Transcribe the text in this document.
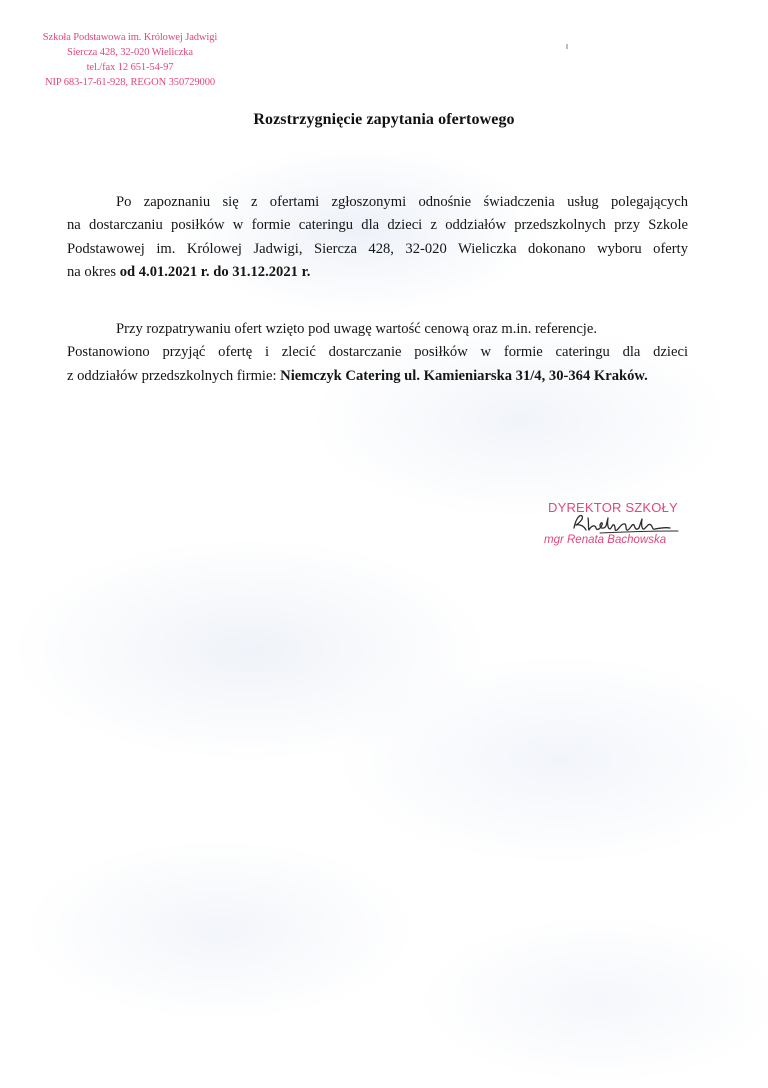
Szkoła Podstawowa im. Królowej Jadwigi
Siercza 428, 32-020 Wieliczka
tel./fax 12 651-54-97
NIP 683-17-61-928, REGON 350729000
Rozstrzygnięcie zapytania ofertowego
Po zapoznaniu się z ofertami zgłoszonymi odnośnie świadczenia usług polegających
na dostarczaniu posiłków w formie cateringu dla dzieci z oddziałów przedszkolnych przy Szkole
Podstawowej im. Królowej Jadwigi, Siercza 428, 32-020 Wieliczka dokonano wyboru oferty
na okres od 4.01.2021 r. do 31.12.2021 r.
Przy rozpatrywaniu ofert wzięto pod uwagę wartość cenową oraz m.in. referencje.
Postanowiono przyjąć ofertę i zlecić dostarczanie posiłków w formie cateringu dla dzieci
z oddziałów przedszkolnych firmie: Niemczyk Catering ul. Kamieniarska 31/4, 30-364 Kraków.
DYREKTOR SZKOŁY
mgr Renata Bachowska
